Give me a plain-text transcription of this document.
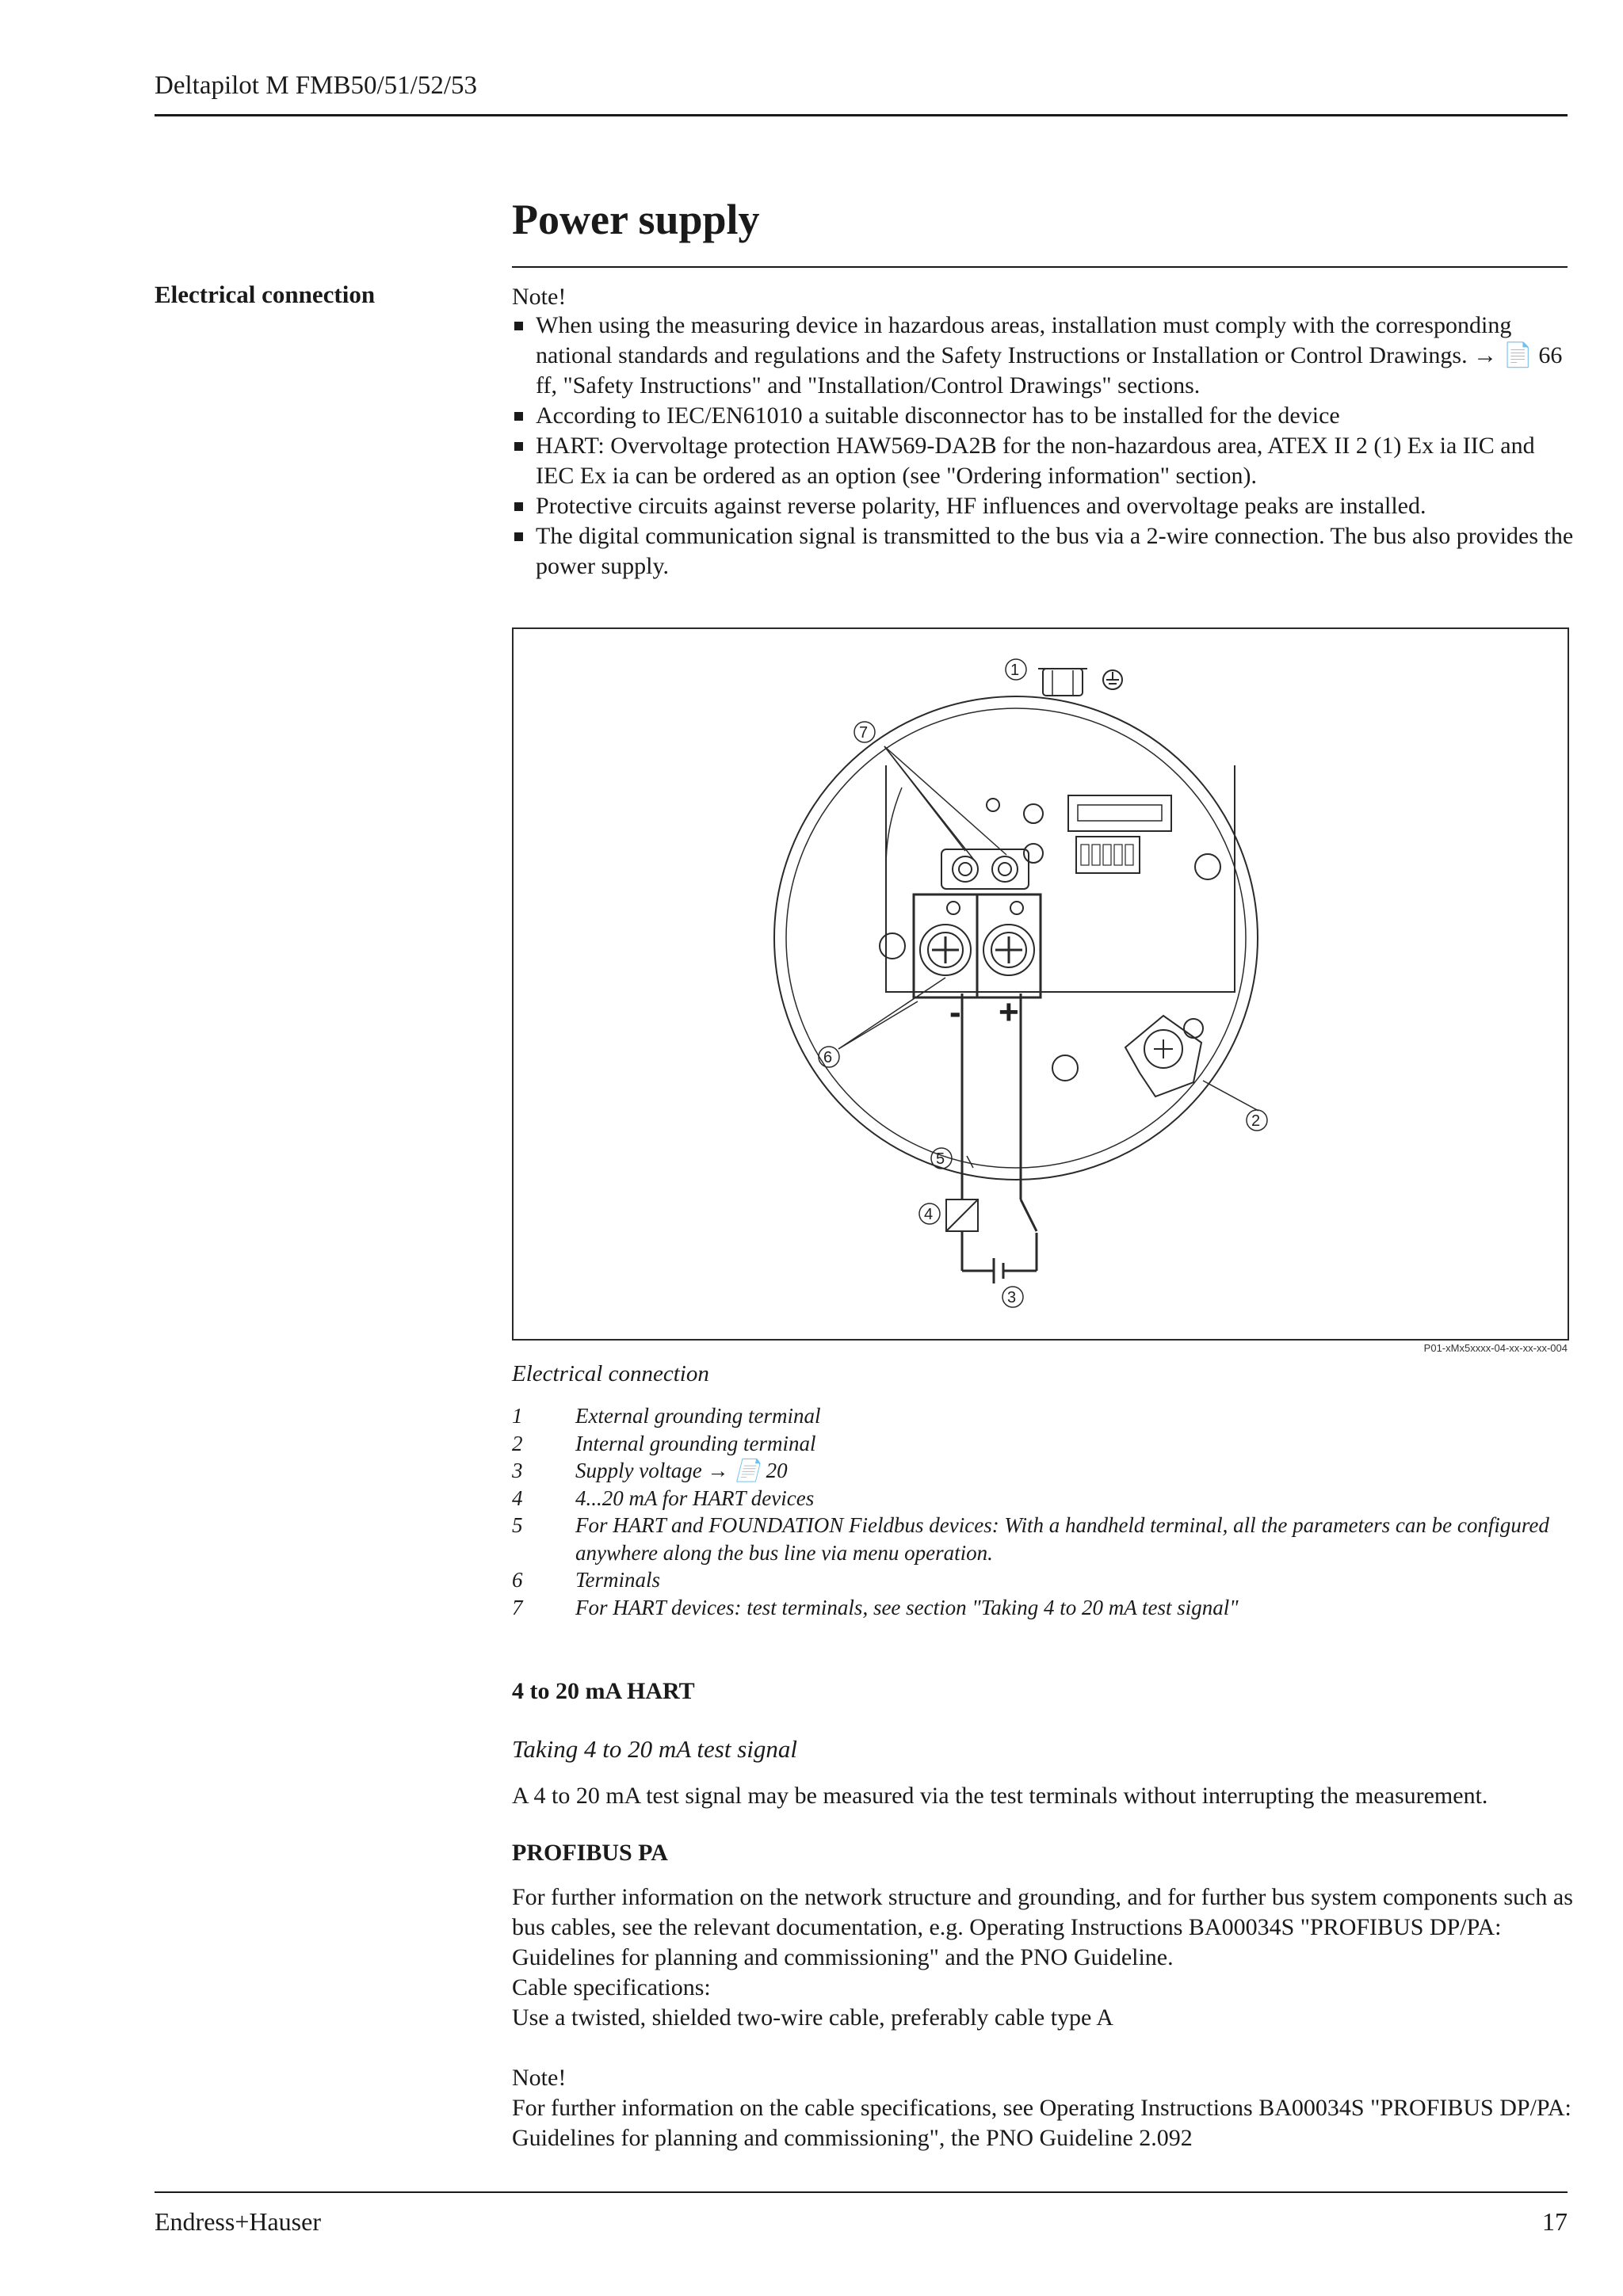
Deltapilot M FMB50/51/52/53
Power supply
Electrical connection	Note!
When using the measuring device in hazardous areas, installation must comply with the corresponding national standards and regulations and the Safety Instructions or Installation or Control Drawings. → 📄 66 ff, "Safety Instructions" and "Installation/Control Drawings" sections.
According to IEC/EN61010 a suitable disconnector has to be installed for the device
HART: Overvoltage protection HAW569-DA2B for the non-hazardous area, ATEX II 2 (1) Ex ia IIC and IEC Ex ia can be ordered as an option (see "Ordering information" section).
Protective circuits against reverse polarity, HF influences and overvoltage peaks are installed.
The digital communication signal is transmitted to the bus via a 2-wire connection. The bus also provides the power supply.
- +
1
2
3
4
5
6
7
P01-xMx5xxxx-04-xx-xx-xx-004
Electrical connection
1	External grounding terminal
2	Internal grounding terminal
3	Supply voltage → 📄 20
4	4...20 mA for HART devices
5	For HART and FOUNDATION Fieldbus devices: With a handheld terminal, all the parameters can be configured anywhere along the bus line via menu operation.
6	Terminals
7	For HART devices: test terminals, see section "Taking 4 to 20 mA test signal"
4 to 20 mA HART
Taking 4 to 20 mA test signal
A 4 to 20 mA test signal may be measured via the test terminals without interrupting the measurement.
PROFIBUS PA
For further information on the network structure and grounding, and for further bus system components such as bus cables, see the relevant documentation, e.g. Operating Instructions BA00034S "PROFIBUS DP/PA: Guidelines for planning and commissioning" and the PNO Guideline.
Cable specifications:
Use a twisted, shielded two-wire cable, preferably cable type A
Note!
For further information on the cable specifications, see Operating Instructions BA00034S "PROFIBUS DP/PA: Guidelines for planning and commissioning", the PNO Guideline 2.092
Endress+Hauser	17
